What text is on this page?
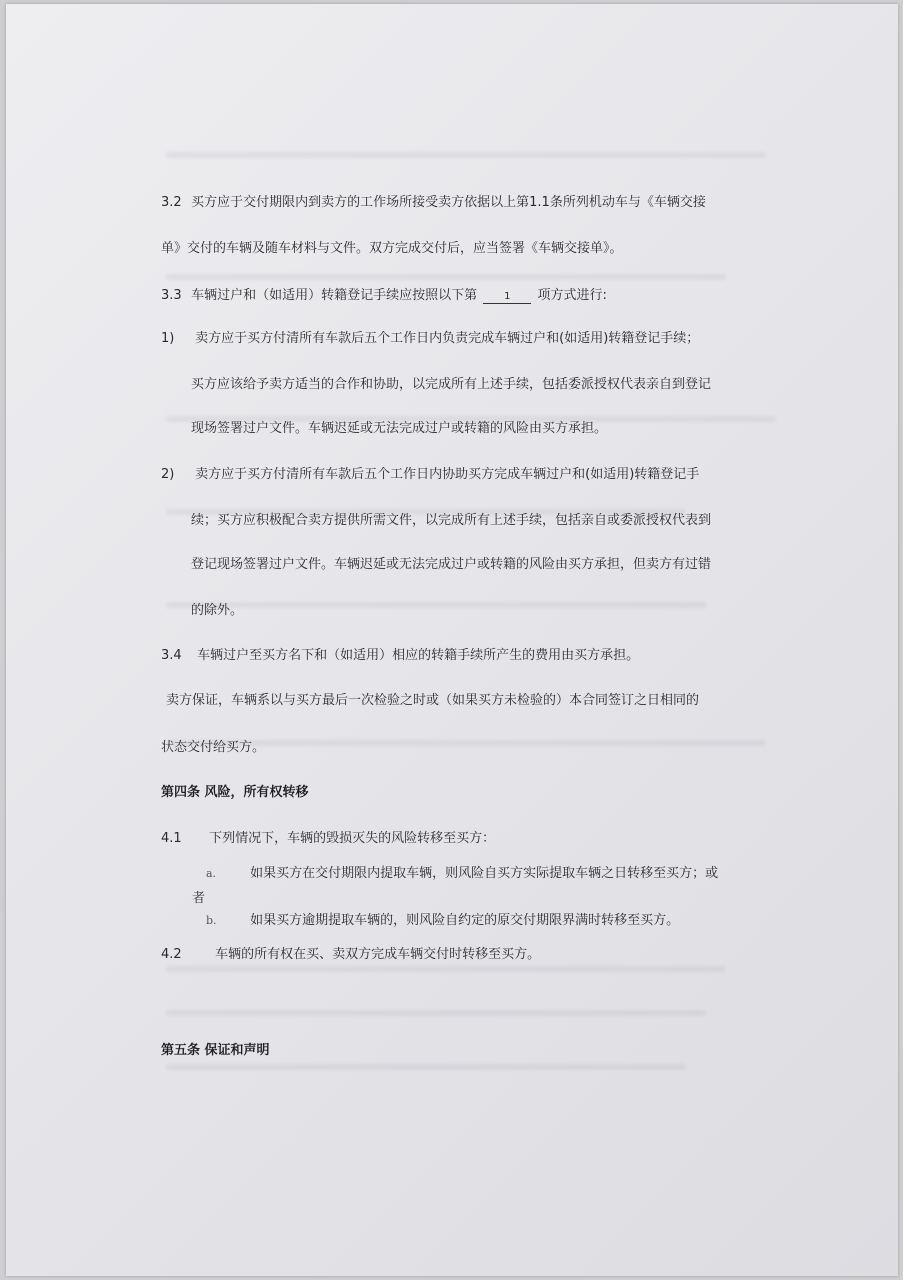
3.2 买方应于交付期限内到卖方的工作场所接受卖方依据以上第1.1条所列机动车与《车辆交接
单》交付的车辆及随车材料与文件。双方完成交付后，应当签署《车辆交接单》。
3.3 车辆过户和（如适用）转籍登记手续应按照以下第	1 项方式进行:
1) 卖方应于买方付清所有车款后五个工作日内负责完成车辆过户和(如适用)转籍登记手续；
买方应该给予卖方适当的合作和协助，以完成所有上述手续，包括委派授权代表亲自到登记
现场签署过户文件。车辆迟延或无法完成过户或转籍的风险由买方承担。
2) 卖方应于买方付清所有车款后五个工作日内协助买方完成车辆过户和(如适用)转籍登记手
续；买方应积极配合卖方提供所需文件，以完成所有上述手续，包括亲自或委派授权代表到
登记现场签署过户文件。车辆迟延或无法完成过户或转籍的风险由买方承担，但卖方有过错
的除外。
3.4 车辆过户至买方名下和（如适用）相应的转籍手续所产生的费用由买方承担。
卖方保证，车辆系以与买方最后一次检验之时或（如果买方未检验的）本合同签订之日相同的
状态交付给买方。
第四条 风险，所有权转移
4.1 下列情况下，车辆的毁损灭失的风险转移至买方：
a.	如果买方在交付期限内提取车辆，则风险自买方实际提取车辆之日转移至买方；或
者
b.	如果买方逾期提取车辆的，则风险自约定的原交付期限界满时转移至买方。
4.2	车辆的所有权在买、卖双方完成车辆交付时转移至买方。
第五条 保证和声明
